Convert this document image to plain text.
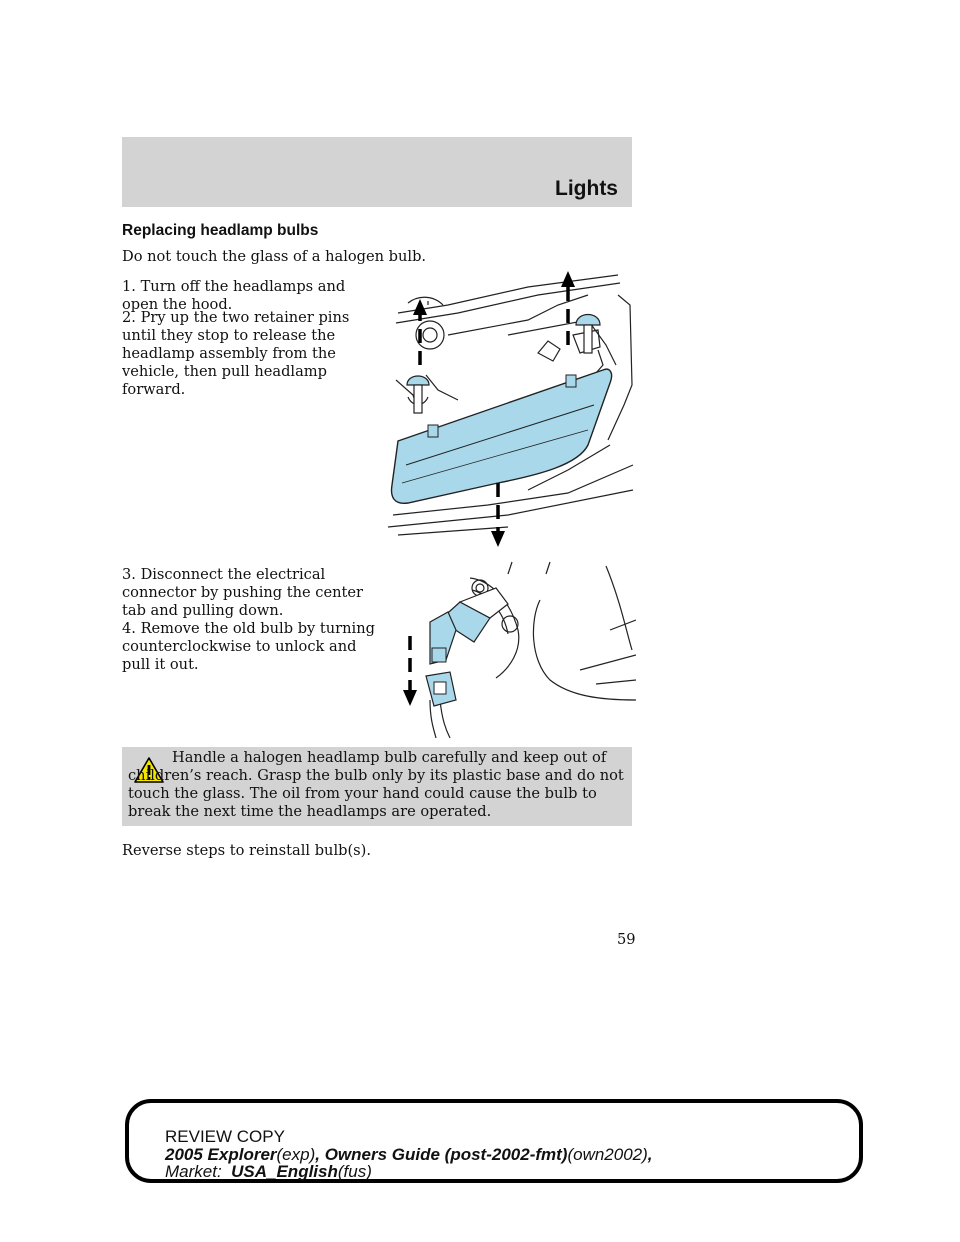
Lights
Replacing headlamp bulbs

Do not touch the glass of a halogen bulb.

1. Turn off the headlamps and open the hood.

2. Pry up the two retainer pins until they stop to release the headlamp assembly from the vehicle, then pull headlamp forward.

3. Disconnect the electrical connector by pushing the center tab and pulling down.

4. Remove the old bulb by turning counterclockwise to unlock and pull it out.

Handle a halogen headlamp bulb carefully and keep out of children’s reach. Grasp the bulb only by its plastic base and do not touch the glass. The oil from your hand could cause the bulb to break the next time the headlamps are operated.

Reverse steps to reinstall bulb(s).

59
REVIEW COPY
2005 Explorer(exp), Owners Guide (post-2002-fmt)(own2002),
Market:  USA_English(fus)
